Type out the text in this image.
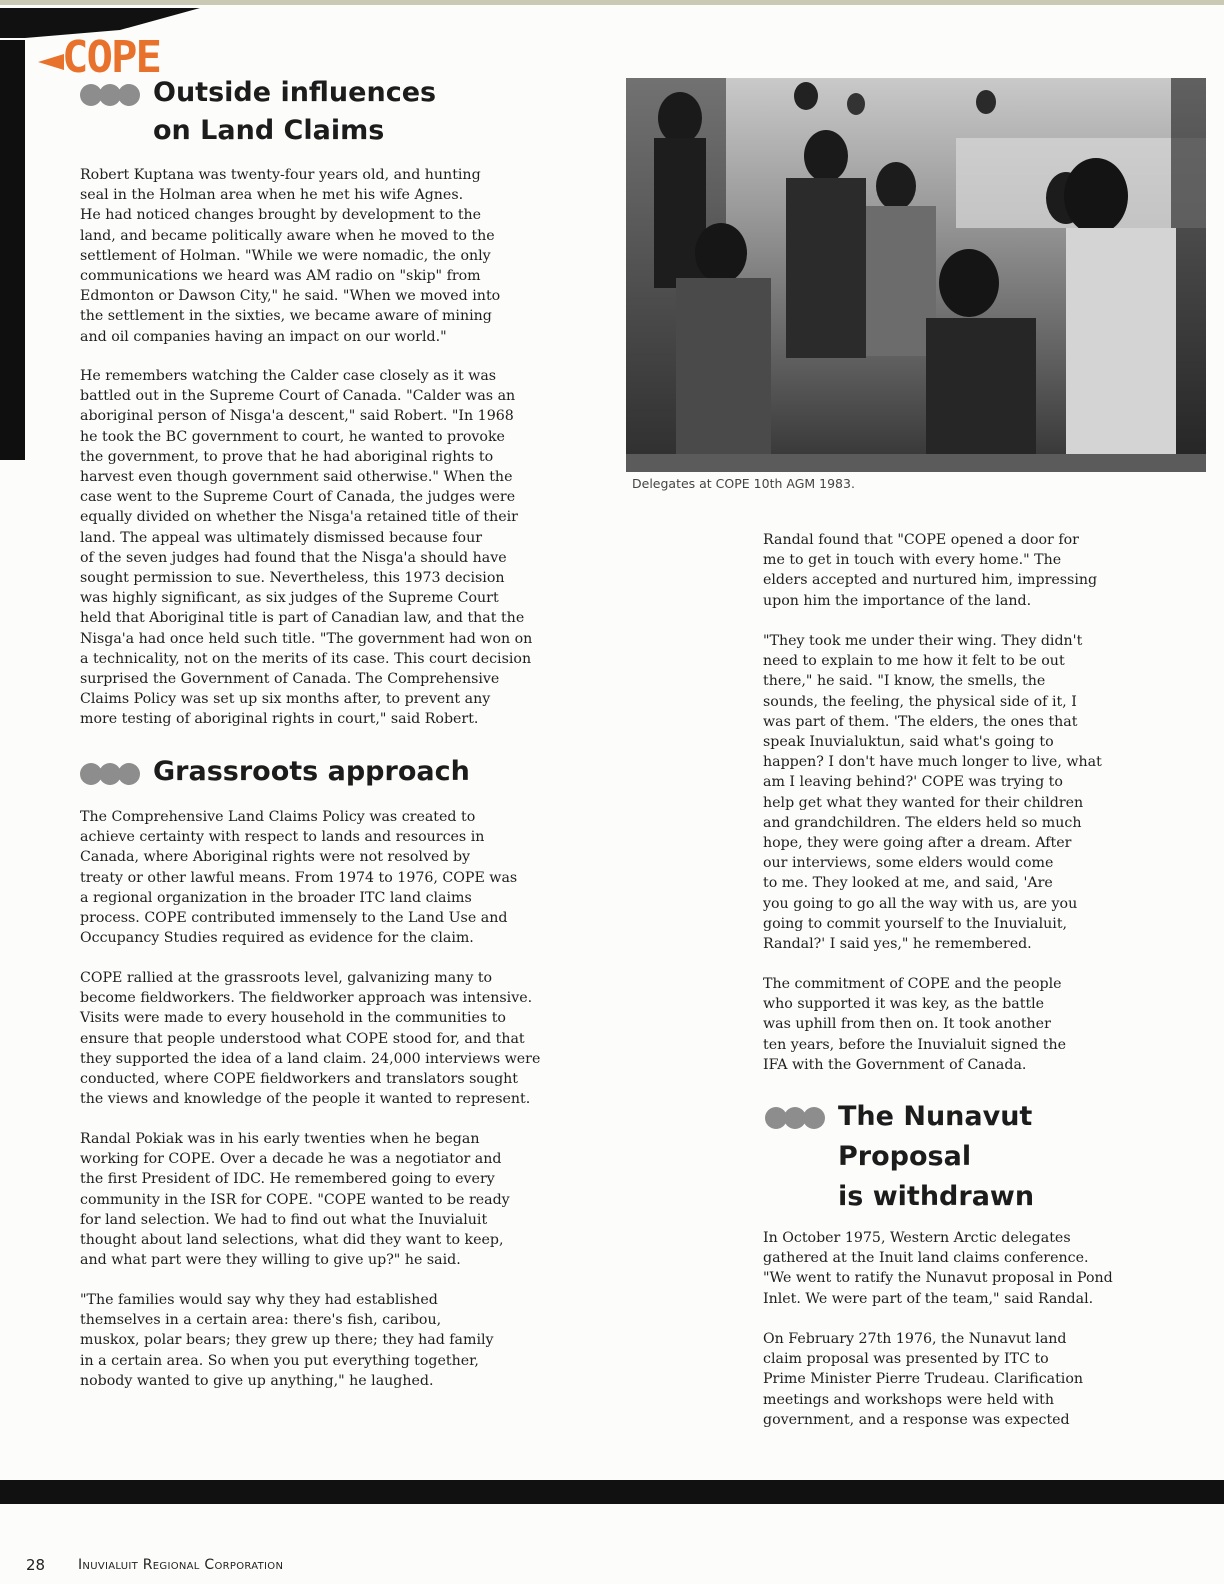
COPE
Outside influences
on Land Claims

Robert Kuptana was twenty-four years old, and hunting
seal in the Holman area when he met his wife Agnes.
He had noticed changes brought by development to the
land, and became politically aware when he moved to the
settlement of Holman. "While we were nomadic, the only
communications we heard was AM radio on "skip" from
Edmonton or Dawson City," he said. "When we moved into
the settlement in the sixties, we became aware of mining
and oil companies having an impact on our world."

He remembers watching the Calder case closely as it was
battled out in the Supreme Court of Canada. "Calder was an
aboriginal person of Nisga'a descent," said Robert. "In 1968
he took the BC government to court, he wanted to provoke
the government, to prove that he had aboriginal rights to
harvest even though government said otherwise." When the
case went to the Supreme Court of Canada, the judges were
equally divided on whether the Nisga'a retained title of their
land. The appeal was ultimately dismissed because four
of the seven judges had found that the Nisga'a should have
sought permission to sue. Nevertheless, this 1973 decision
was highly significant, as six judges of the Supreme Court
held that Aboriginal title is part of Canadian law, and that the
Nisga'a had once held such title. "The government had won on
a technicality, not on the merits of its case. This court decision
surprised the Government of Canada. The Comprehensive
Claims Policy was set up six months after, to prevent any
more testing of aboriginal rights in court," said Robert.

Grassroots approach

The Comprehensive Land Claims Policy was created to
achieve certainty with respect to lands and resources in
Canada, where Aboriginal rights were not resolved by
treaty or other lawful means. From 1974 to 1976, COPE was
a regional organization in the broader ITC land claims
process. COPE contributed immensely to the Land Use and
Occupancy Studies required as evidence for the claim.

COPE rallied at the grassroots level, galvanizing many to
become fieldworkers. The fieldworker approach was intensive.
Visits were made to every household in the communities to
ensure that people understood what COPE stood for, and that
they supported the idea of a land claim. 24,000 interviews were
conducted, where COPE fieldworkers and translators sought
the views and knowledge of the people it wanted to represent.

Randal Pokiak was in his early twenties when he began
working for COPE. Over a decade he was a negotiator and
the first President of IDC. He remembered going to every
community in the ISR for COPE. "COPE wanted to be ready
for land selection. We had to find out what the Inuvialuit
thought about land selections, what did they want to keep,
and what part were they willing to give up?" he said.

"The families would say why they had established
themselves in a certain area: there's fish, caribou,
muskox, polar bears; they grew up there; they had family
in a certain area. So when you put everything together,
nobody wanted to give up anything," he laughed.

Delegates at COPE 10th AGM 1983.

Randal found that "COPE opened a door for
me to get in touch with every home." The
elders accepted and nurtured him, impressing
upon him the importance of the land.

"They took me under their wing. They didn't
need to explain to me how it felt to be out
there," he said. "I know, the smells, the
sounds, the feeling, the physical side of it, I
was part of them. 'The elders, the ones that
speak Inuvialuktun, said what's going to
happen? I don't have much longer to live, what
am I leaving behind?' COPE was trying to
help get what they wanted for their children
and grandchildren. The elders held so much
hope, they were going after a dream. After
our interviews, some elders would come
to me. They looked at me, and said, 'Are
you going to go all the way with us, are you
going to commit yourself to the Inuvialuit,
Randal?' I said yes," he remembered.

The commitment of COPE and the people
who supported it was key, as the battle
was uphill from then on. It took another
ten years, before the Inuvialuit signed the
IFA with the Government of Canada.

The Nunavut
Proposal
is withdrawn

In October 1975, Western Arctic delegates
gathered at the Inuit land claims conference.
"We went to ratify the Nunavut proposal in Pond
Inlet. We were part of the team," said Randal.

On February 27th 1976, the Nunavut land
claim proposal was presented by ITC to
Prime Minister Pierre Trudeau. Clarification
meetings and workshops were held with
government, and a response was expected

28 Inuvialuit Regional Corporation
